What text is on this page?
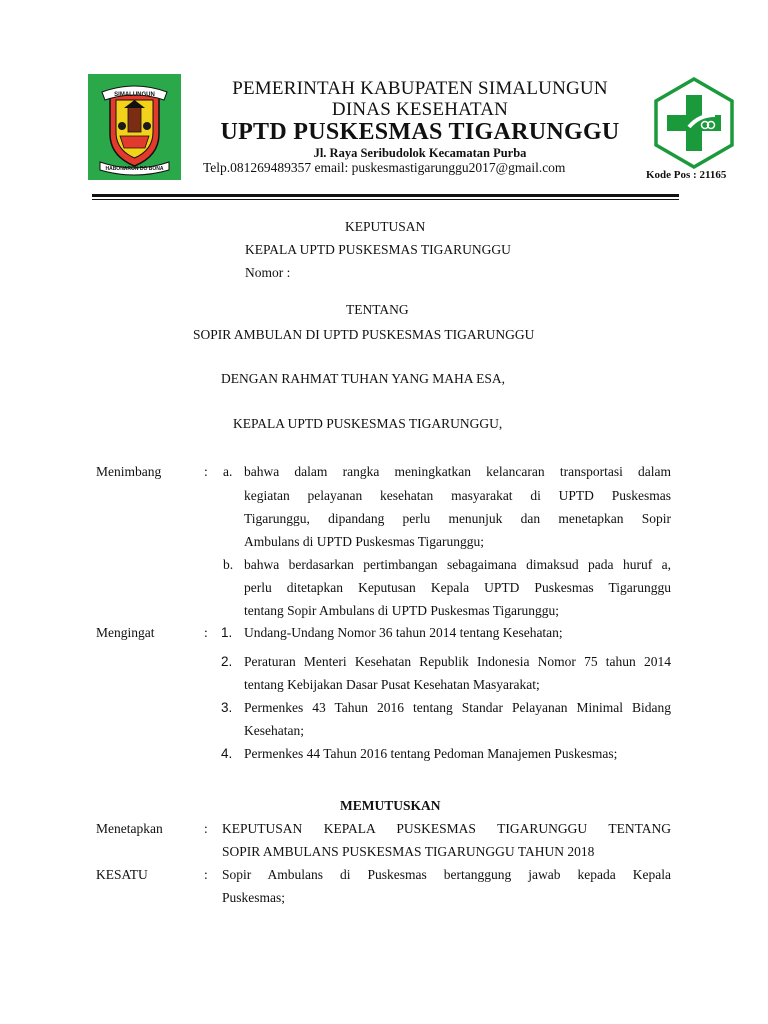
SIMALUNGUN
HABONARON DO BONA
PEMERINTAH KABUPATEN SIMALUNGUN
DINAS KESEHATAN
UPTD PUSKESMAS TIGARUNGGU
Jl. Raya Seribudolok Kecamatan Purba
Telp.081269489357 email: puskesmastigarunggu2017@gmail.com	Kode Pos : 21165
KEPUTUSAN
KEPALA UPTD PUSKESMAS TIGARUNGGU
Nomor :
TENTANG
SOPIR AMBULAN DI UPTD PUSKESMAS TIGARUNGGU
DENGAN RAHMAT TUHAN YANG MAHA ESA,
KEPALA UPTD PUSKESMAS TIGARUNGGU,
Menimbang	: a. bahwa dalam rangka meningkatkan kelancaran transportasi dalam
kegiatan pelayanan kesehatan masyarakat di UPTD Puskesmas
Tigarunggu, dipandang perlu menunjuk dan menetapkan Sopir
Ambulans di UPTD Puskesmas Tigarunggu;
b. bahwa berdasarkan pertimbangan sebagaimana dimaksud pada huruf a,
perlu ditetapkan Keputusan Kepala UPTD Puskesmas Tigarunggu
tentang Sopir Ambulans di UPTD Puskesmas Tigarunggu;
Mengingat	: 1. Undang-Undang Nomor 36 tahun 2014 tentang Kesehatan;
2. Peraturan Menteri Kesehatan Republik Indonesia Nomor 75 tahun 2014
tentang Kebijakan Dasar Pusat Kesehatan Masyarakat;
3. Permenkes 43 Tahun 2016 tentang Standar Pelayanan Minimal Bidang
Kesehatan;
4. Permenkes 44 Tahun 2016 tentang Pedoman Manajemen Puskesmas;
MEMUTUSKAN
Menetapkan	: KEPUTUSAN KEPALA PUSKESMAS TIGARUNGGU TENTANG
SOPIR AMBULANS PUSKESMAS TIGARUNGGU TAHUN 2018
KESATU	: Sopir Ambulans di Puskesmas bertanggung jawab kepada Kepala
Puskesmas;
